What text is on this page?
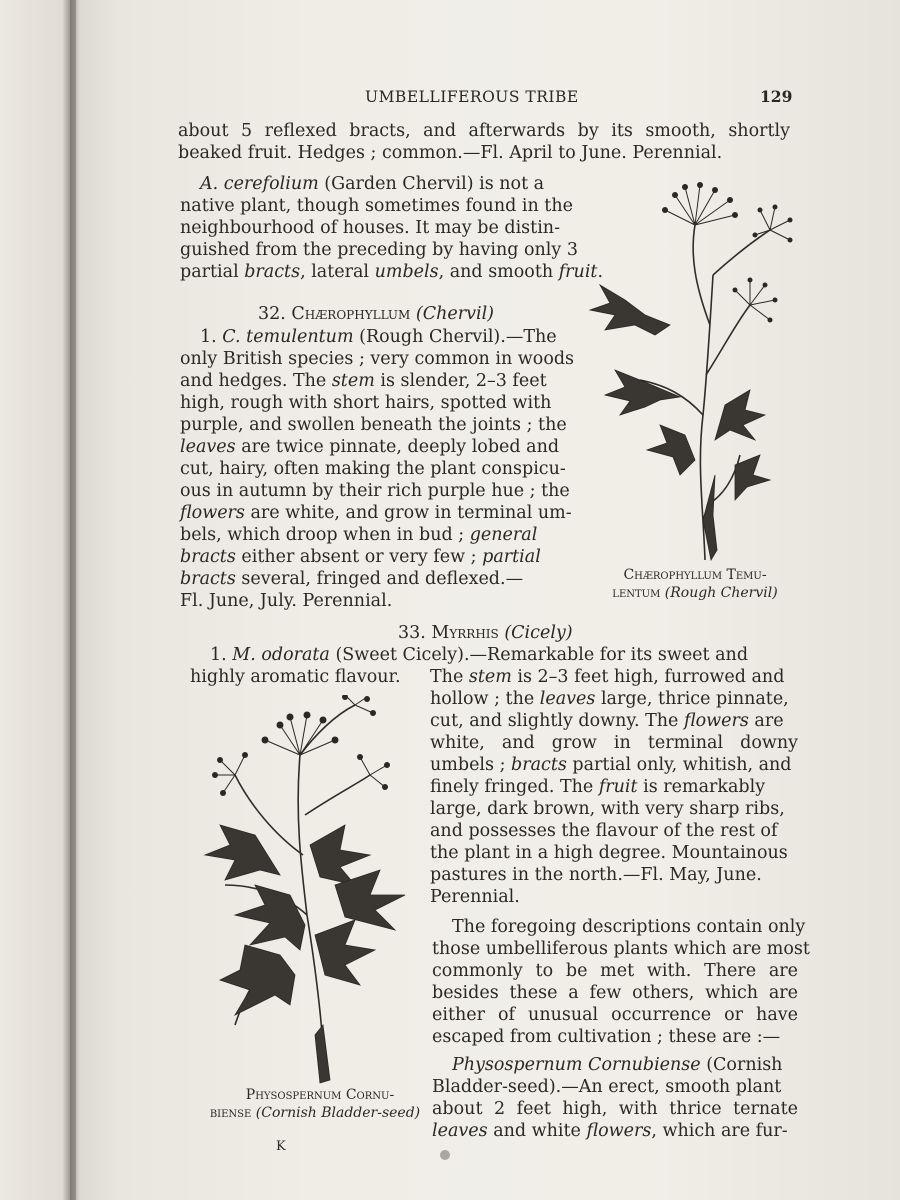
UMBELLIFEROUS TRIBE	129
about 5 reflexed bracts, and afterwards by its smooth, shortly
beaked fruit. Hedges ; common.—Fl. April to June. Perennial.
A. cerefolium (Garden Chervil) is not a
native plant, though sometimes found in the
neighbourhood of houses. It may be distin-
guished from the preceding by having only 3
partial bracts, lateral umbels, and smooth fruit.
32. Chærophyllum (Chervil)
1. C. temulentum (Rough Chervil).—The
only British species ; very common in woods
and hedges. The stem is slender, 2–3 feet
high, rough with short hairs, spotted with
purple, and swollen beneath the joints ; the
leaves are twice pinnate, deeply lobed and
cut, hairy, often making the plant conspicu-
ous in autumn by their rich purple hue ; the
flowers are white, and grow in terminal um-
bels, which droop when in bud ; general
bracts either absent or very few ; partial
bracts several, fringed and deflexed.—
Fl. June, July. Perennial.
Chærophyllum Temu-
lentum (Rough Chervil)
33. Myrrhis (Cicely)
1. M. odorata (Sweet Cicely).—Remarkable for its sweet and
highly aromatic flavour. The stem is 2–3 feet high, furrowed and
hollow ; the leaves large, thrice pinnate,
cut, and slightly downy. The flowers are
white, and grow in terminal downy
umbels ; bracts partial only, whitish, and
finely fringed. The fruit is remarkably
large, dark brown, with very sharp ribs,
and possesses the flavour of the rest of
the plant in a high degree. Mountainous
pastures in the north.—Fl. May, June.
Perennial.
The foregoing descriptions contain only
those umbelliferous plants which are most
commonly to be met with. There are
besides these a few others, which are
either of unusual occurrence or have
escaped from cultivation ; these are :—
Physospernum Cornubiense (Cornish
Bladder-seed).—An erect, smooth plant
about 2 feet high, with thrice ternate
leaves and white flowers, which are fur-
Physospernum Cornu-
biense (Cornish Bladder-seed)
K
